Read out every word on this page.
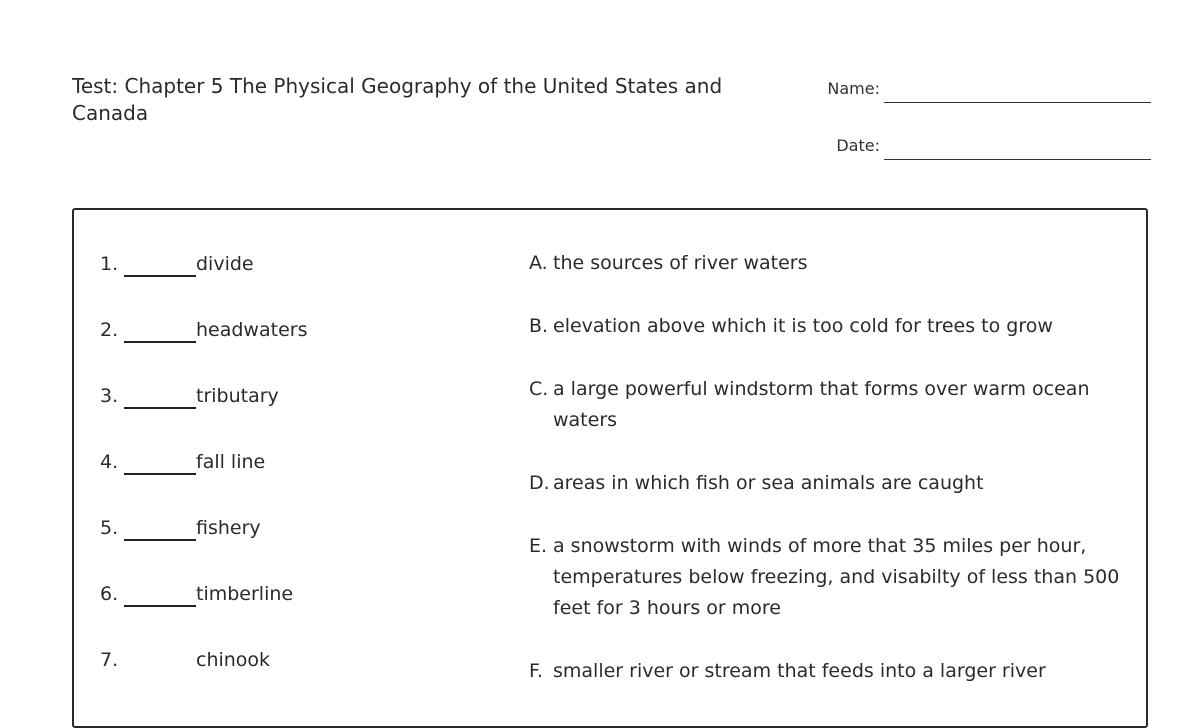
Test: Chapter 5 The Physical Geography of the United States and Canada
Name:
Date:
1.	divide
2.	headwaters
3.	tributary
4.	fall line
5.	fishery
6.	timberline
7.	chinook
A. the sources of river waters
B. elevation above which it is too cold for trees to grow
C. a large powerful windstorm that forms over warm ocean waters
D. areas in which fish or sea animals are caught
E. a snowstorm with winds of more that 35 miles per hour, temperatures below freezing, and visabilty of less than 500 feet for 3 hours or more
F. smaller river or stream that feeds into a larger river
